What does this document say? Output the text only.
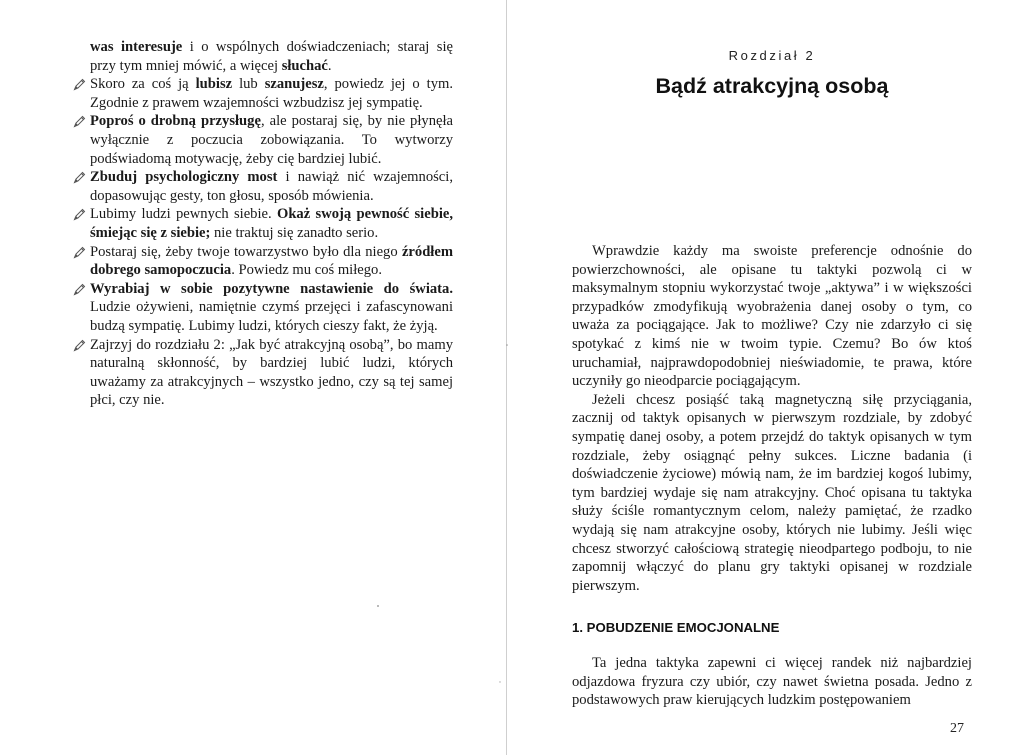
was interesuje i o wspólnych doświadczeniach; staraj się przy tym mniej mówić, a więcej słuchać.
Skoro za coś ją lubisz lub szanujesz, powiedz jej o tym. Zgodnie z prawem wzajemności wzbudzisz jej sympatię.
Poproś o drobną przysługę, ale postaraj się, by nie płynęła wyłącznie z poczucia zobowiązania. To wytworzy podświadomą motywację, żeby cię bardziej lubić.
Zbuduj psychologiczny most i nawiąż nić wzajemności, dopasowując gesty, ton głosu, sposób mówienia.
Lubimy ludzi pewnych siebie. Okaż swoją pewność siebie, śmiejąc się z siebie; nie traktuj się zanadto serio.
Postaraj się, żeby twoje towarzystwo było dla niego źródłem dobrego samopoczucia. Powiedz mu coś miłego.
Wyrabiaj w sobie pozytywne nastawienie do świata. Ludzie ożywieni, namiętnie czymś przejęci i zafascynowani budzą sympatię. Lubimy ludzi, których cieszy fakt, że żyją.
Zajrzyj do rozdziału 2: „Jak być atrakcyjną osobą”, bo mamy naturalną skłonność, by bardziej lubić ludzi, których uważamy za atrakcyjnych – wszystko jedno, czy są tej samej płci, czy nie.
Rozdział 2
Bądź atrakcyjną osobą

Wprawdzie każdy ma swoiste preferencje odnośnie do powierzchowności, ale opisane tu taktyki pozwolą ci w maksymalnym stopniu wykorzystać twoje „aktywa” i w większości przypadków zmodyfikują wyobrażenia danej osoby o tym, co uważa za pociągające. Jak to możliwe? Czy nie zdarzyło ci się spotykać z kimś nie w twoim typie. Czemu? Bo ów ktoś uruchamiał, najprawdopodobniej nieświadomie, te prawa, które uczyniły go nieodparcie pociągającym.

Jeżeli chcesz posiąść taką magnetyczną siłę przyciągania, zacznij od taktyk opisanych w pierwszym rozdziale, by zdobyć sympatię danej osoby, a potem przejdź do taktyk opisanych w tym rozdziale, żeby osiągnąć pełny sukces. Liczne badania (i doświadczenie życiowe) mówią nam, że im bardziej kogoś lubimy, tym bardziej wydaje się nam atrakcyjny. Choć opisana tu taktyka służy ściśle romantycznym celom, należy pamiętać, że rzadko wydają się nam atrakcyjne osoby, których nie lubimy. Jeśli więc chcesz stworzyć całościową strategię nieodpartego podboju, to nie zapomnij włączyć do planu gry taktyki opisanej w rozdziale pierwszym.

1. POBUDZENIE EMOCJONALNE

Ta jedna taktyka zapewni ci więcej randek niż najbardziej odjazdowa fryzura czy ubiór, czy nawet świetna posada. Jedno z podstawowych praw kierujących ludzkim postępowaniem

27
